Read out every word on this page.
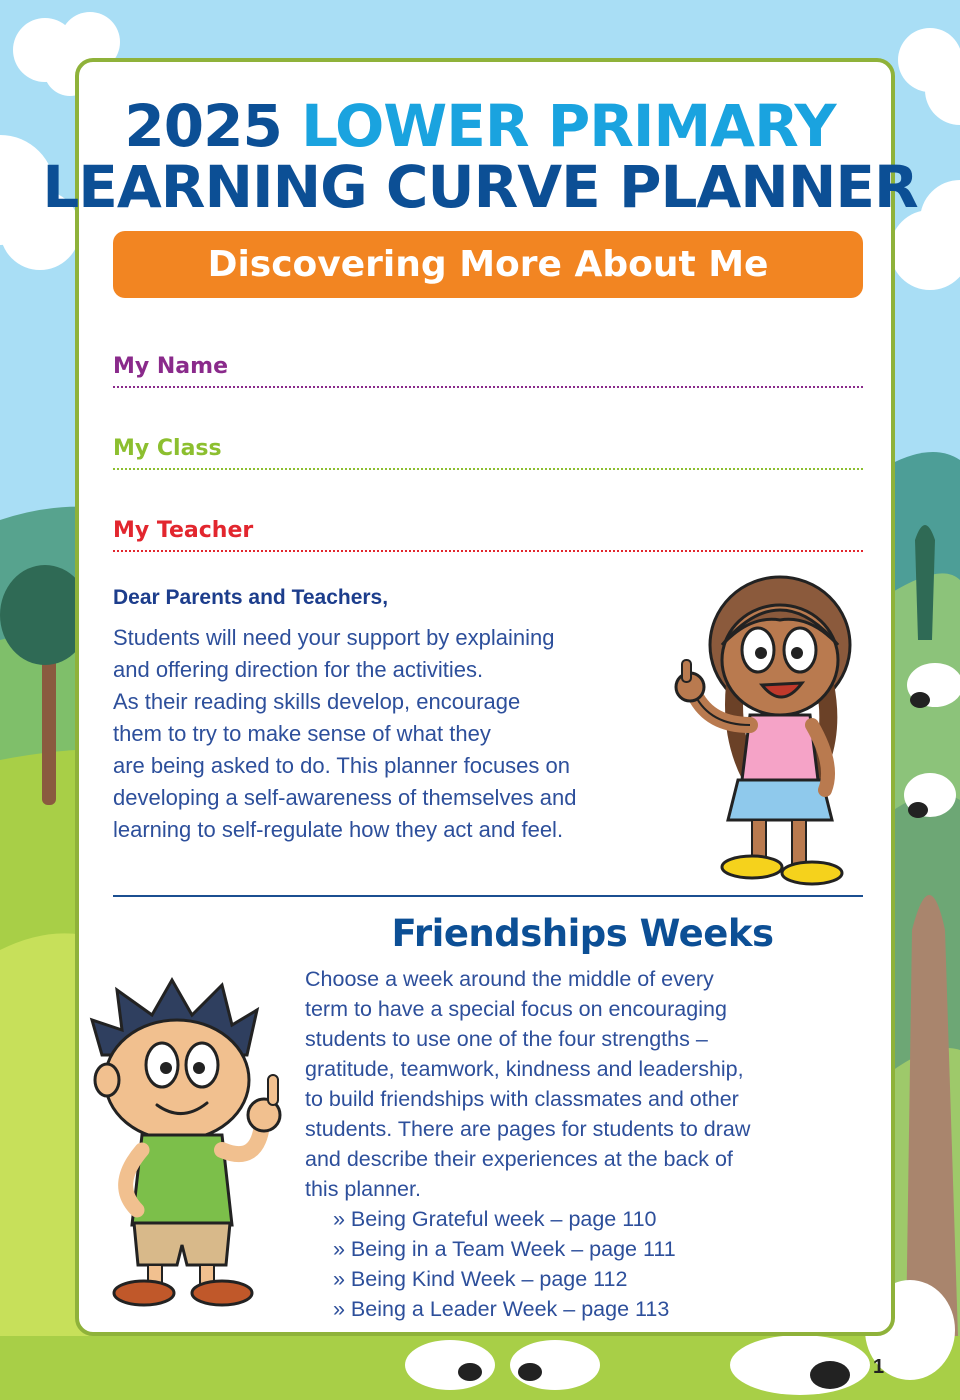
2025 LOWER PRIMARY
LEARNING CURVE PLANNER
Discovering More About Me
My Name
My Class
My Teacher
Dear Parents and Teachers,
Students will need your support by explaining
and offering direction for the activities.
As their reading skills develop, encourage
them to try to make sense of what they
are being asked to do. This planner focuses on
developing a self-awareness of themselves and
learning to self-regulate how they act and feel.
Friendships Weeks
Choose a week around the middle of every
term to have a special focus on encouraging
students to use one of the four strengths –
gratitude, teamwork, kindness and leadership,
to build friendships with classmates and other
students. There are pages for students to draw
and describe their experiences at the back of
this planner.
» Being Grateful week – page 110
» Being in a Team Week – page 111
» Being Kind Week – page 112
» Being a Leader Week – page 113
1
